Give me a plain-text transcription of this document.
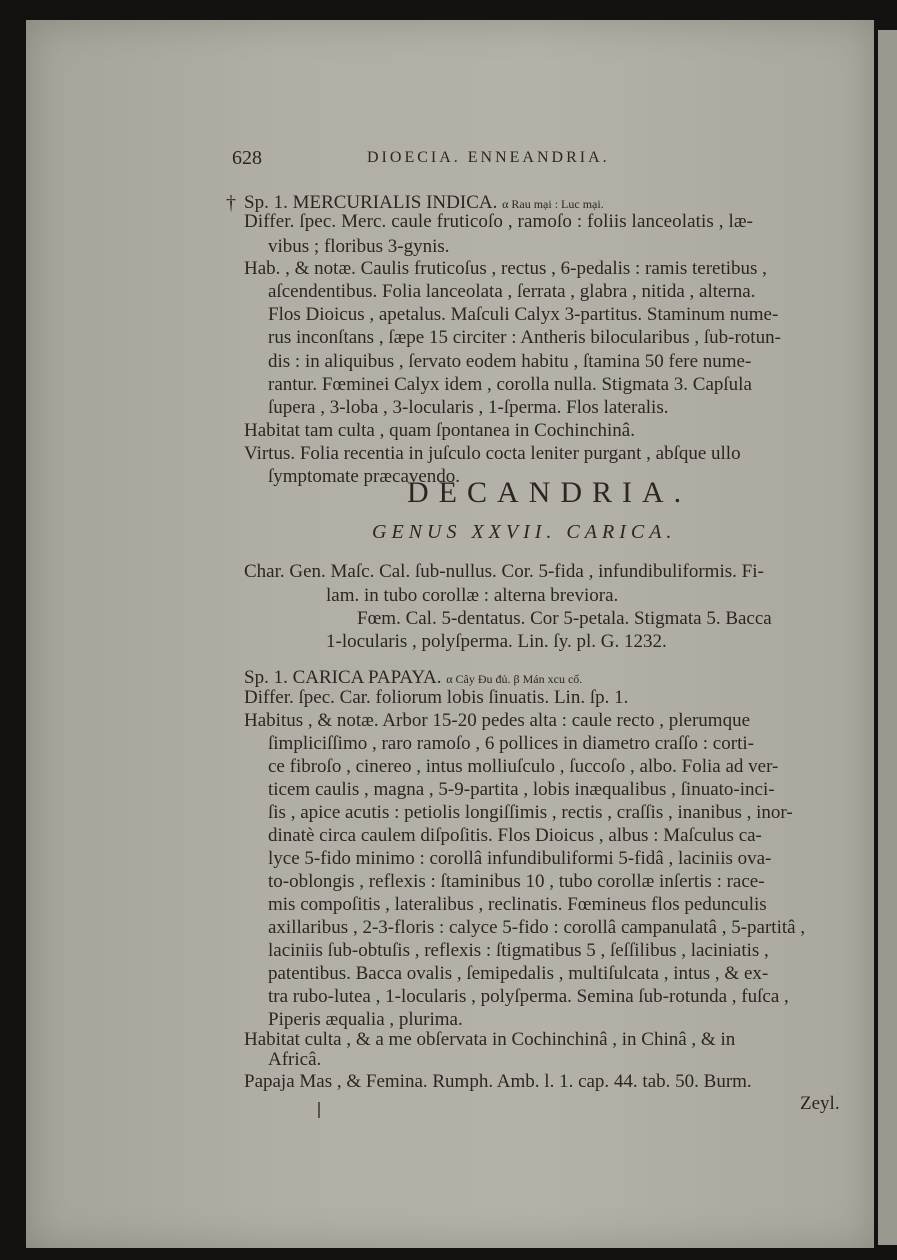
628	DIOECIA. ENNEANDRIA.
† Sp. 1. MERCURIALIS INDICA. α Rau mại : Luc mại.
Differ. ſpec. Merc. caule fruticoſo , ramoſo : foliis lanceolatis , læ-
vibus ; floribus 3-gynis.
Hab. , & notæ. Caulis fruticoſus , rectus , 6-pedalis : ramis teretibus ,
aſcendentibus. Folia lanceolata , ſerrata , glabra , nitida , alterna.
Flos Dioicus , apetalus. Maſculi Calyx 3-partitus. Staminum nume-
rus inconſtans , ſæpe 15 circiter : Antheris bilocularibus , ſub-rotun-
dis : in aliquibus , ſervato eodem habitu , ſtamina 50 fere nume-
rantur. Fœminei Calyx idem , corolla nulla. Stigmata 3. Capſula
ſupera , 3-loba , 3-locularis , 1-ſperma. Flos lateralis.
Habitat tam culta , quam ſpontanea in Cochinchinâ.
Virtus. Folia recentia in juſculo cocta leniter purgant , abſque ullo
ſymptomate præcavendo.
DECANDRIA.
GENUS XXVII. CARICA.
Char. Gen. Maſc. Cal. ſub-nullus. Cor. 5-fida , infundibuliformis. Fi-
lam. in tubo corollæ : alterna breviora.
Fœm. Cal. 5-dentatus. Cor 5-petala. Stigmata 5. Bacca
1-locularis , polyſperma. Lin. ſy. pl. G. 1232.
Sp. 1. CARICA PAPAYA. α Cây Đu đủ. β Mán xcu cổ.
Differ. ſpec. Car. foliorum lobis ſinuatis. Lin. ſp. 1.
Habitus , & notæ. Arbor 15-20 pedes alta : caule recto , plerumque
ſimpliciſſimo , raro ramoſo , 6 pollices in diametro craſſo : corti-
ce fibroſo , cinereo , intus molliuſculo , ſuccoſo , albo. Folia ad ver-
ticem caulis , magna , 5-9-partita , lobis inæqualibus , ſinuato-inci-
ſis , apice acutis : petiolis longiſſimis , rectis , craſſis , inanibus , inor-
dinatè circa caulem diſpoſitis. Flos Dioicus , albus : Maſculus ca-
lyce 5-fido minimo : corollâ infundibuliformi 5-fidâ , laciniis ova-
to-oblongis , reflexis : ſtaminibus 10 , tubo corollæ inſertis : race-
mis compoſitis , lateralibus , reclinatis. Fœmineus flos pedunculis
axillaribus , 2-3-floris : calyce 5-fido : corollâ campanulatâ , 5-partitâ ,
laciniis ſub-obtuſis , reflexis : ſtigmatibus 5 , ſeſſilibus , laciniatis ,
patentibus. Bacca ovalis , ſemipedalis , multiſulcata , intus , & ex-
tra rubo-lutea , 1-locularis , polyſperma. Semina ſub-rotunda , fuſca ,
Piperis æqualia , plurima.
Habitat culta , & a me obſervata in Cochinchinâ , in Chinâ , & in
Africâ.
Papaja Mas , & Femina. Rumph. Amb. l. 1. cap. 44. tab. 50. Burm.
Zeyl.
